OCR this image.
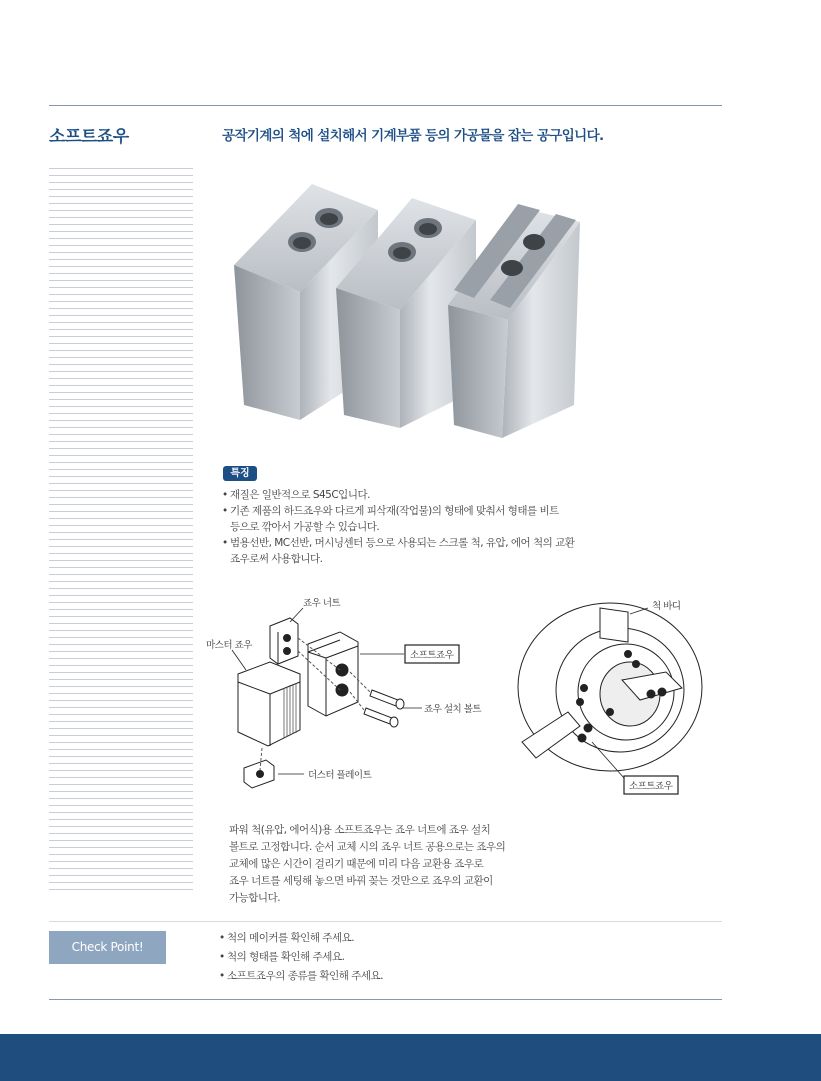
소프트죠우	공작기계의 척에 설치해서 기계부품 등의 가공물을 잡는 공구입니다.
특징
• 재질은 일반적으로 S45C입니다.
• 기존 제품의 하드죠우와 다르게 피삭재(작업물)의 형태에 맞춰서 형태를 비트
등으로 깎아서 가공할 수 있습니다.
• 범용선반, MC선반, 머시닝센터 등으로 사용되는 스크롤 척, 유압, 에어 척의 교환
죠우로써 사용합니다.
죠우 너트
마스터 죠우
소프트죠우
죠우 설치 볼트
더스터 플레이트
척 바디
소프트죠우
파워 척(유압, 에어식)용 소프트죠우는 죠우 너트에 죠우 설치
볼트로 고정합니다. 순서 교체 시의 죠우 너트 공용으로는 죠우의
교체에 많은 시간이 걸리기 때문에 미리 다음 교환용 죠우로
죠우 너트를 세팅해 놓으면 바꿔 꽂는 것만으로 죠우의 교환이
가능합니다.
Check Point!
• 척의 메이커를 확인해 주세요.
• 척의 형태를 확인해 주세요.
• 소프트죠우의 종류를 확인해 주세요.
